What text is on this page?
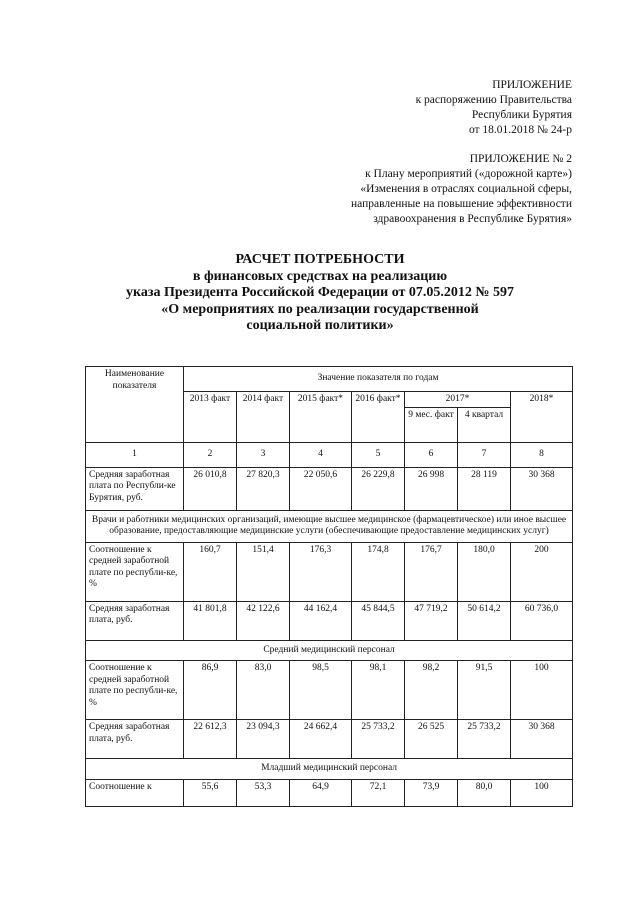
ПРИЛОЖЕНИЕ
к распоряжению Правительства
Республики Бурятия
от 18.01.2018 № 24-р
ПРИЛОЖЕНИЕ № 2
к Плану мероприятий («дорожной карте»)
«Изменения в отраслях социальной сферы,
направленные на повышение эффективности
здравоохранения в Республике Бурятия»
РАСЧЕТ ПОТРЕБНОСТИ
в финансовых средствах на реализацию
указа Президента Российской Федерации от 07.05.2012 № 597
«О мероприятиях по реализации государственной
социальной политики»
Наименование показателя	Значение показателя по годам						
	2013 факт	2014 факт	2015 факт*	2016 факт*	2017*		2018*
					9 мес. факт	4 квартал	
1	2	3	4	5	6	7	8
Средняя заработная плата по Республи-ке Бурятия, руб.	26 010,8	27 820,3	22 050,6	26 229,8	26 998	28 119	30 368
Врачи и работники медицинских организаций, имеющие высшее медицинское (фармацевтическое) или иное высшее образование, предоставляющие медицинские услуги (обеспечивающие предоставление медицинских услуг)							
Соотношение к средней заработной плате по республи-ке, %	160,7	151,4	176,3	174,8	176,7	180,0	200
Средняя заработная плата, руб.	41 801,8	42 122,6	44 162,4	45 844,5	47 719,2	50 614,2	60 736,0
Средний медицинский персонал							
Соотношение к средней заработной плате по республи-ке, %	86,9	83,0	98,5	98,1	98,2	91,5	100
Средняя заработная плата, руб.	22 612,3	23 094,3	24 662,4	25 733,2	26 525	25 733,2	30 368
Младший медицинский персонал							
Соотношение к	55,6	53,3	64,9	72,1	73,9	80,0	100
